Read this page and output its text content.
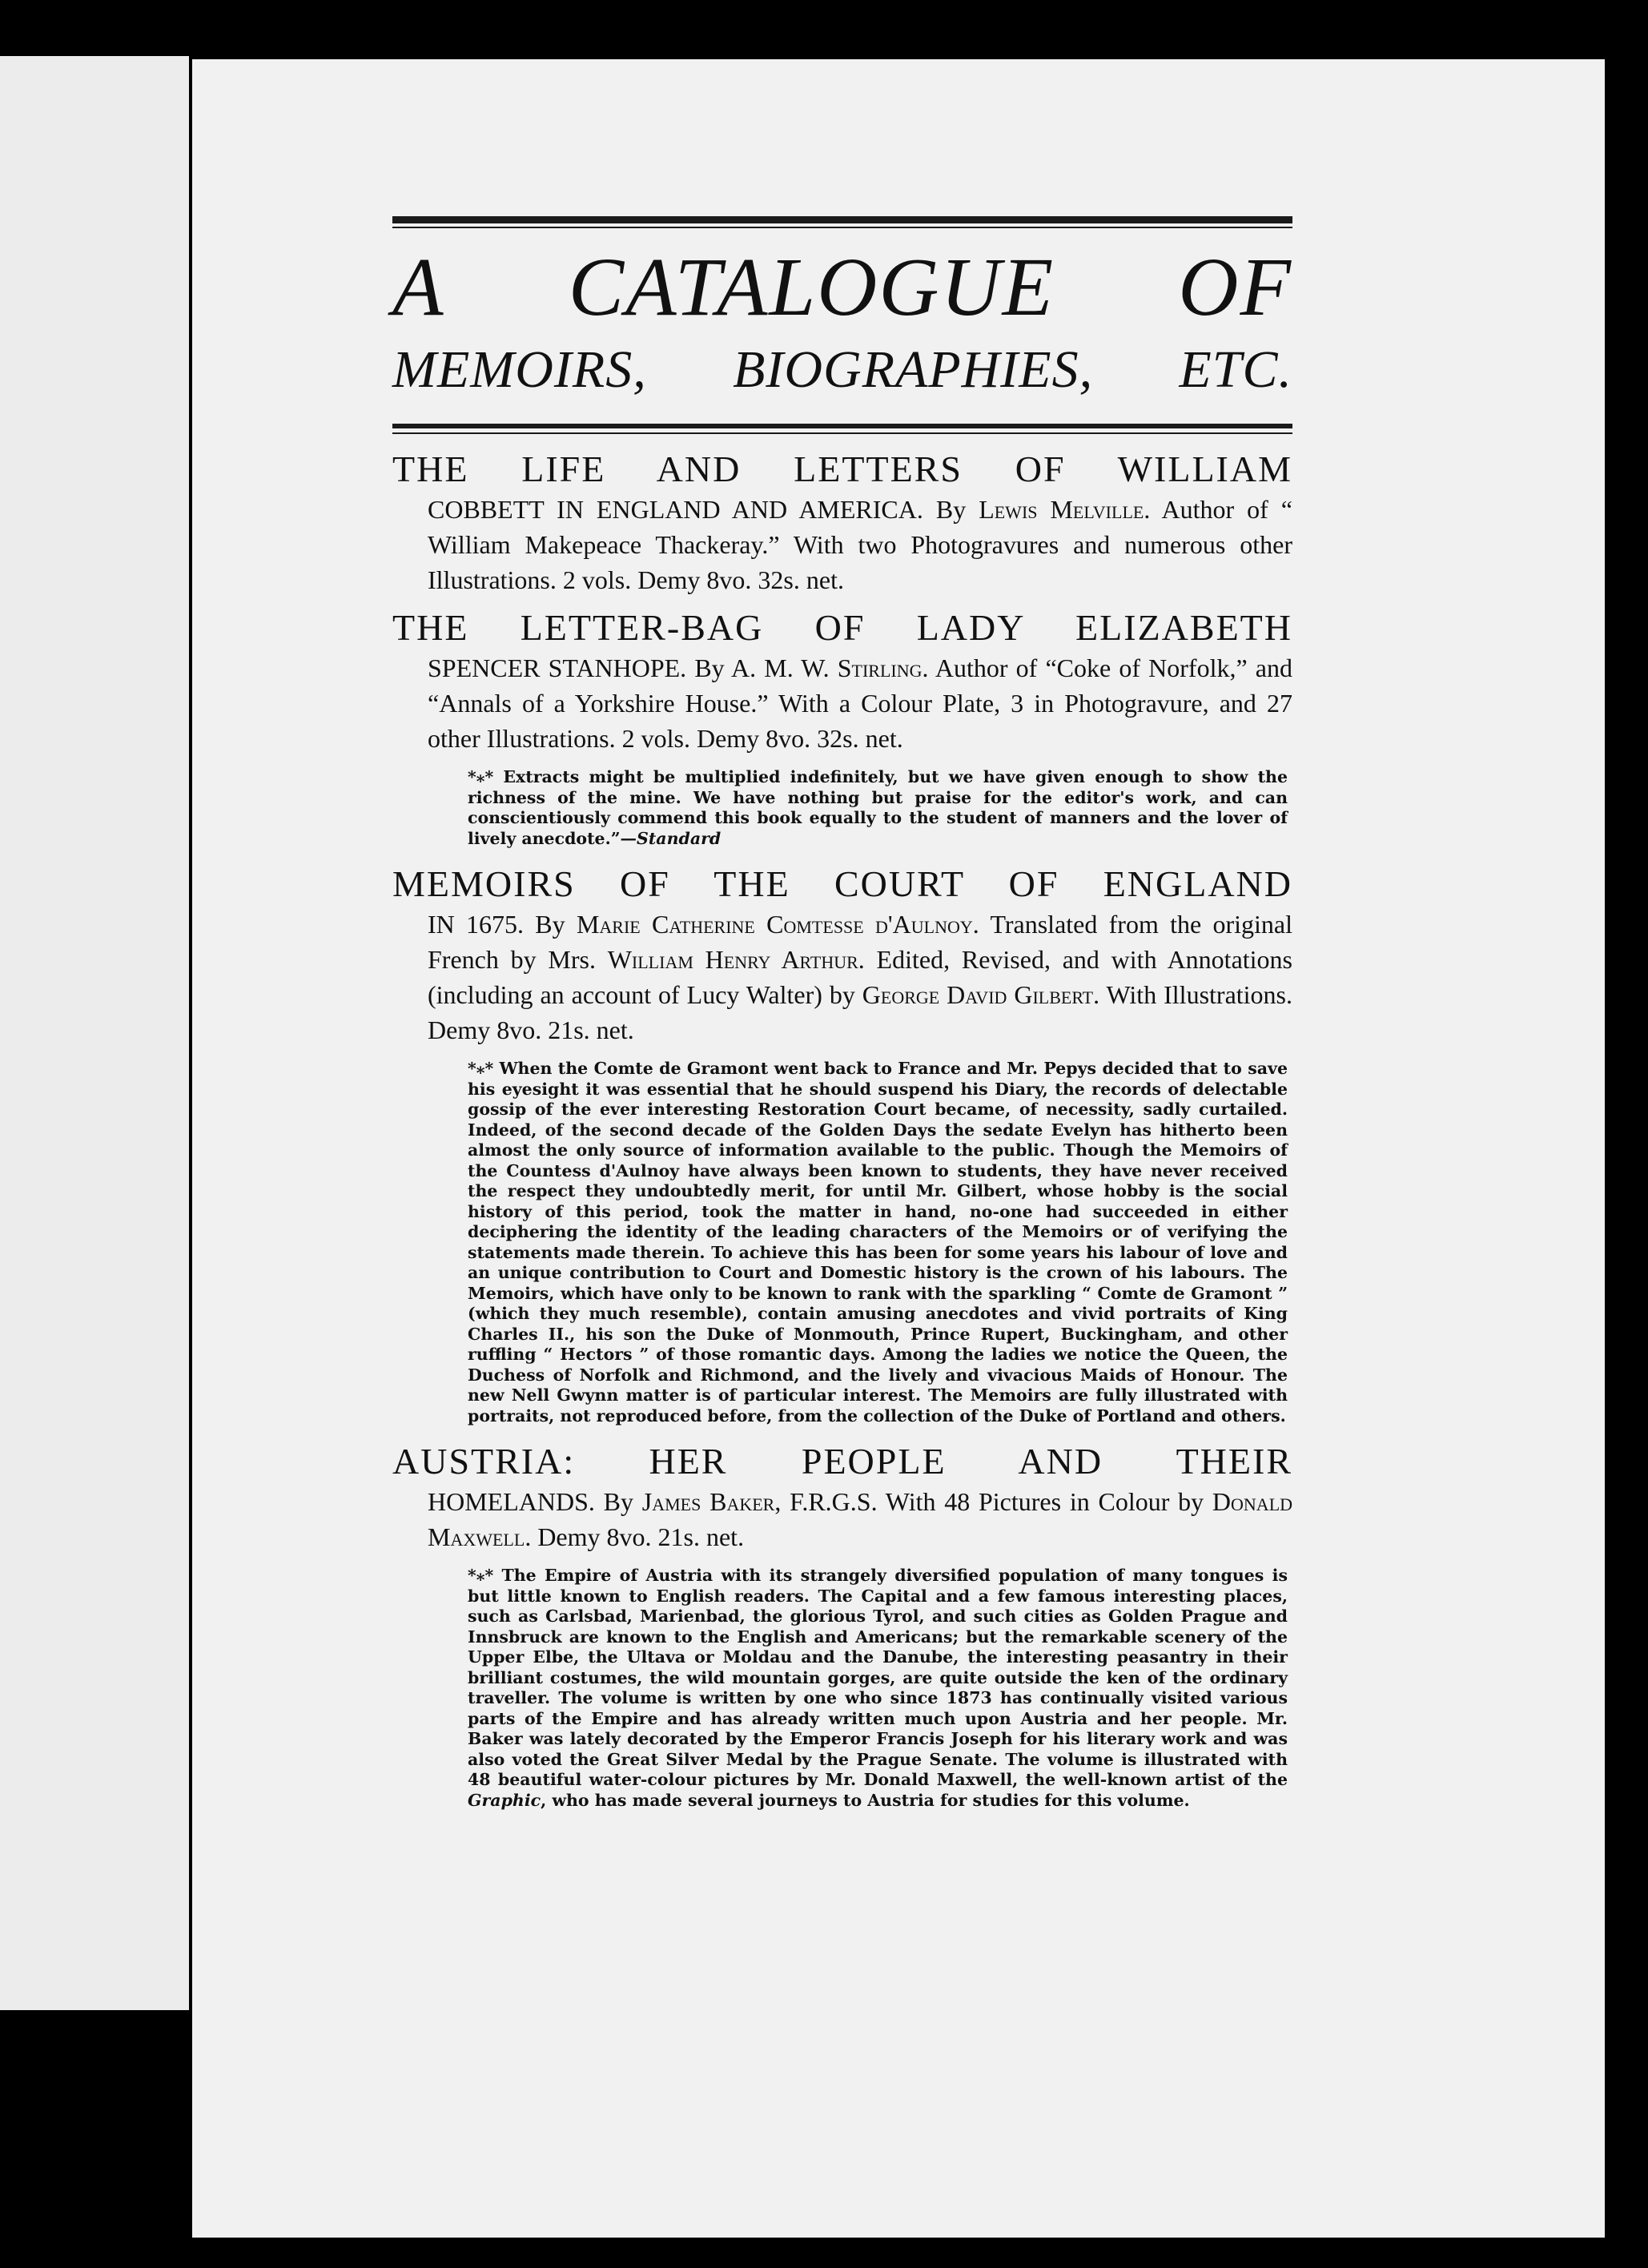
A CATALOGUE OF
MEMOIRS, BIOGRAPHIES, ETC.
THE LIFE AND LETTERS OF WILLIAM
COBBETT IN ENGLAND AND AMERICA. By Lewis Melville. Author of “ William Makepeace Thackeray.” With two Photogravures and numerous other Illustrations. 2 vols. Demy 8vo. 32s. net.
THE LETTER-BAG OF LADY ELIZABETH
SPENCER STANHOPE. By A. M. W. Stirling. Author of “Coke of Norfolk,” and “Annals of a Yorkshire House.” With a Colour Plate, 3 in Photogravure, and 27 other Illustrations. 2 vols. Demy 8vo. 32s. net.
*⁎* Extracts might be multiplied indefinitely, but we have given enough to show the richness of the mine. We have nothing but praise for the editor's work, and can conscientiously commend this book equally to the student of manners and the lover of lively anecdote.”—Standard
MEMOIRS OF THE COURT OF ENGLAND
IN 1675. By Marie Catherine Comtesse d'Aulnoy. Translated from the original French by Mrs. William Henry Arthur. Edited, Revised, and with Annotations (including an account of Lucy Walter) by George David Gilbert. With Illustrations. Demy 8vo. 21s. net.
*⁎* When the Comte de Gramont went back to France and Mr. Pepys decided that to save his eyesight it was essential that he should suspend his Diary, the records of delectable gossip of the ever interesting Restoration Court became, of necessity, sadly curtailed. Indeed, of the second decade of the Golden Days the sedate Evelyn has hitherto been almost the only source of information available to the public. Though the Memoirs of the Countess d'Aulnoy have always been known to students, they have never received the respect they undoubtedly merit, for until Mr. Gilbert, whose hobby is the social history of this period, took the matter in hand, no-one had succeeded in either deciphering the identity of the leading characters of the Memoirs or of verifying the statements made therein. To achieve this has been for some years his labour of love and an unique contribution to Court and Domestic history is the crown of his labours. The Memoirs, which have only to be known to rank with the sparkling “ Comte de Gramont ” (which they much resemble), contain amusing anecdotes and vivid portraits of King Charles II., his son the Duke of Monmouth, Prince Rupert, Buckingham, and other ruffling “ Hectors ” of those romantic days. Among the ladies we notice the Queen, the Duchess of Norfolk and Richmond, and the lively and vivacious Maids of Honour. The new Nell Gwynn matter is of particular interest. The Memoirs are fully illustrated with portraits, not reproduced before, from the collection of the Duke of Portland and others.
AUSTRIA: HER PEOPLE AND THEIR
HOMELANDS. By James Baker, F.R.G.S. With 48 Pictures in Colour by Donald Maxwell. Demy 8vo. 21s. net.
*⁎* The Empire of Austria with its strangely diversified population of many tongues is but little known to English readers. The Capital and a few famous interesting places, such as Carlsbad, Marienbad, the glorious Tyrol, and such cities as Golden Prague and Innsbruck are known to the English and Americans; but the remarkable scenery of the Upper Elbe, the Ultava or Moldau and the Danube, the interesting peasantry in their brilliant costumes, the wild mountain gorges, are quite outside the ken of the ordinary traveller. The volume is written by one who since 1873 has continually visited various parts of the Empire and has already written much upon Austria and her people. Mr. Baker was lately decorated by the Emperor Francis Joseph for his literary work and was also voted the Great Silver Medal by the Prague Senate. The volume is illustrated with 48 beautiful water-colour pictures by Mr. Donald Maxwell, the well-known artist of the Graphic, who has made several journeys to Austria for studies for this volume.
